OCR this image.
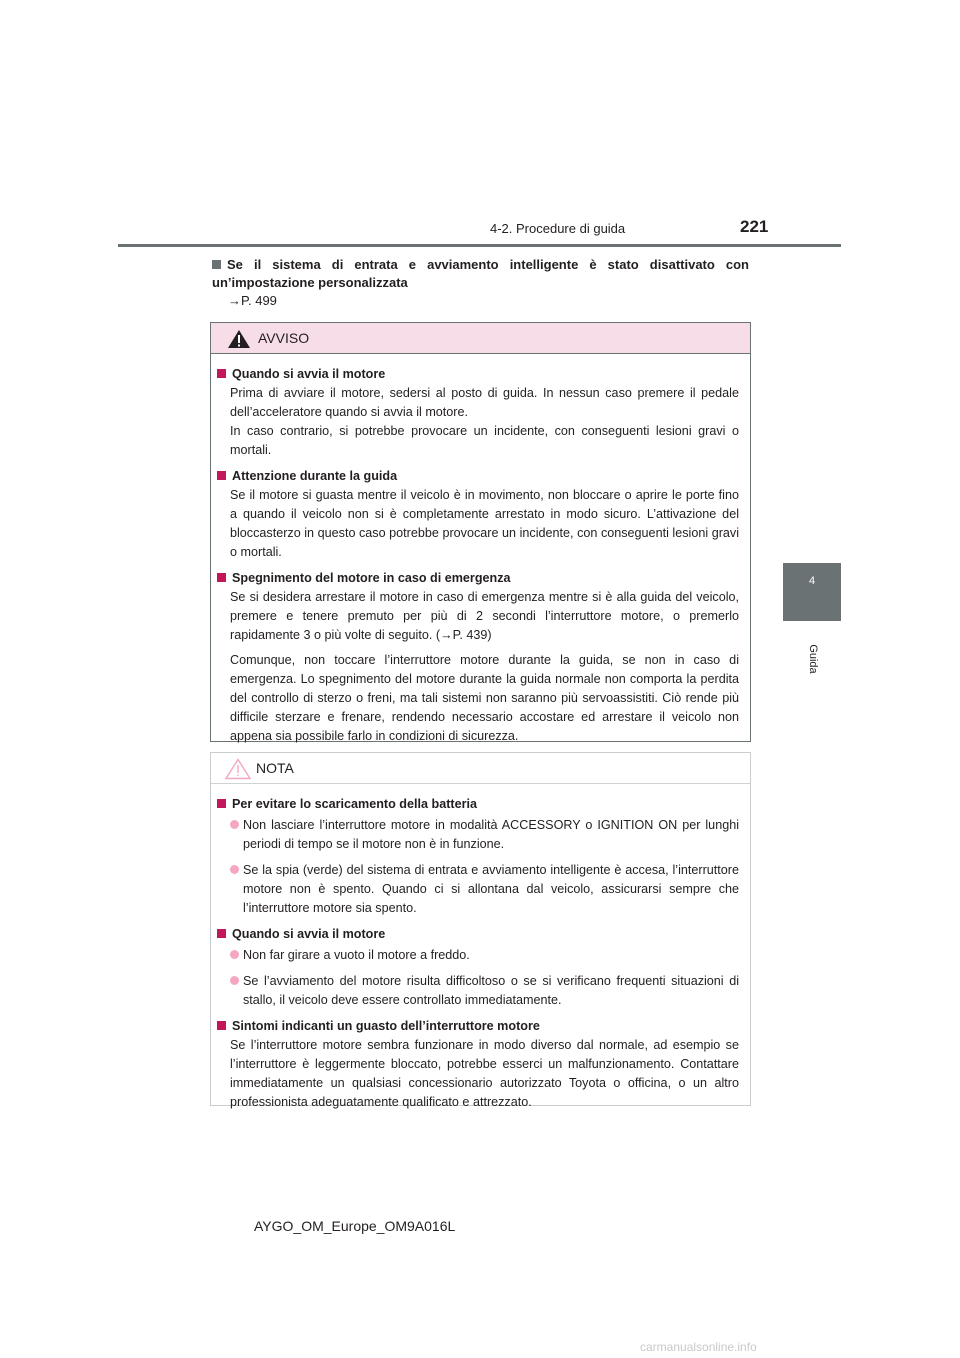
4-2. Procedure di guida	221
4
Guida
Se il sistema di entrata e avviamento intelligente è stato disattivato con un’impostazione personalizzata
→P. 499
AVVISO

Quando si avvia il motore

Prima di avviare il motore, sedersi al posto di guida. In nessun caso premere il pedale dell’acceleratore quando si avvia il motore.

In caso contrario, si potrebbe provocare un incidente, con conseguenti lesioni gravi o mortali.

Attenzione durante la guida

Se il motore si guasta mentre il veicolo è in movimento, non bloccare o aprire le porte fino a quando il veicolo non si è completamente arrestato in modo sicuro. L’attivazione del bloccasterzo in questo caso potrebbe provocare un incidente, con conseguenti lesioni gravi o mortali.

Spegnimento del motore in caso di emergenza

Se si desidera arrestare il motore in caso di emergenza mentre si è alla guida del veicolo, premere e tenere premuto per più di 2 secondi l’interruttore motore, o premerlo rapidamente 3 o più volte di seguito. (→P. 439)

Comunque, non toccare l’interruttore motore durante la guida, se non in caso di emergenza. Lo spegnimento del motore durante la guida normale non comporta la perdita del controllo di sterzo o freni, ma tali sistemi non saranno più servoassistiti. Ciò rende più difficile sterzare e frenare, rendendo necessario accostare ed arrestare il veicolo non appena sia possibile farlo in condizioni di sicurezza.

NOTA

Per evitare lo scaricamento della batteria

Non lasciare l’interruttore motore in modalità ACCESSORY o IGNITION ON per lunghi periodi di tempo se il motore non è in funzione.
Se la spia (verde) del sistema di entrata e avviamento intelligente è accesa, l’interruttore motore non è spento. Quando ci si allontana dal veicolo, assicurarsi sempre che l’interruttore motore sia spento.

Quando si avvia il motore

Non far girare a vuoto il motore a freddo.
Se l’avviamento del motore risulta difficoltoso o se si verificano frequenti situazioni di stallo, il veicolo deve essere controllato immediatamente.

Sintomi indicanti un guasto dell’interruttore motore

Se l’interruttore motore sembra funzionare in modo diverso dal normale, ad esempio se l’interruttore è leggermente bloccato, potrebbe esserci un malfunzionamento. Contattare immediatamente un qualsiasi concessionario autorizzato Toyota o officina, o un altro professionista adeguatamente qualificato e attrezzato.

AYGO_OM_Europe_OM9A016L
carmanualsonline.info
